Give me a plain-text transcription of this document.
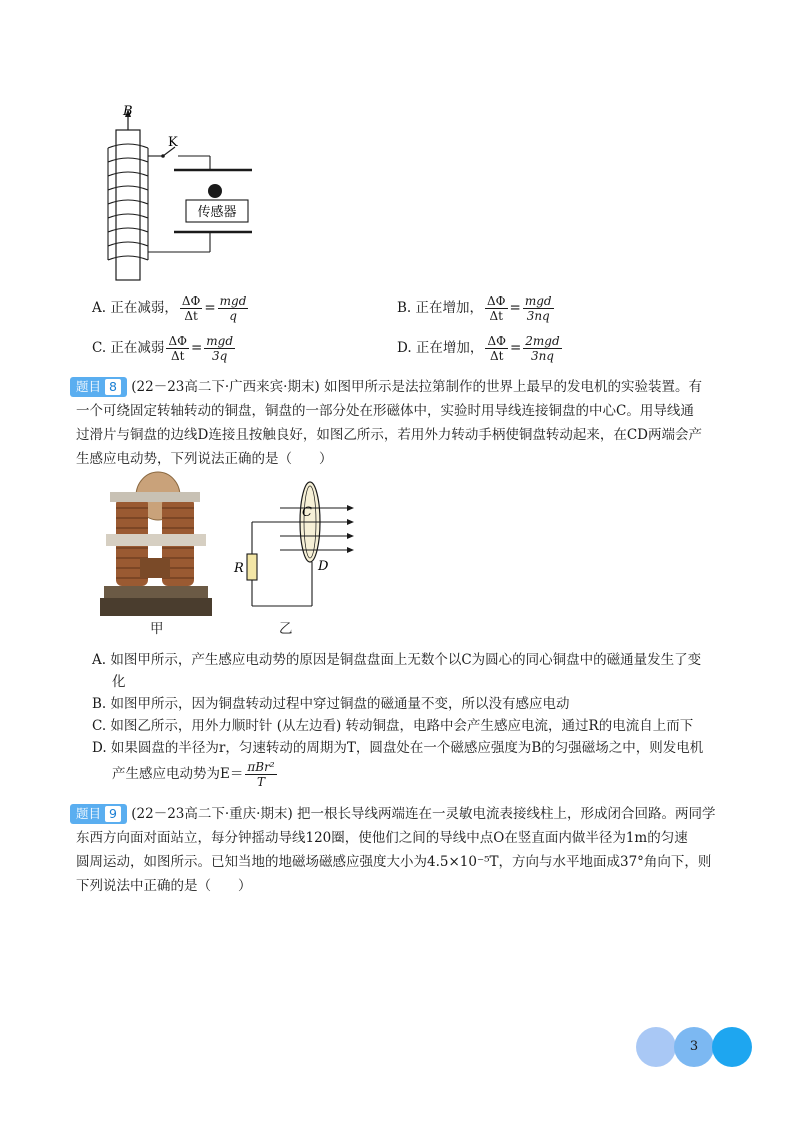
B
K
传感器
A. 正在减弱， $\frac{\Delta\Phi}{\Delta t} = \frac{\text{mgd}}{q}$	B. 正在增加， $\frac{\Delta\Phi}{\Delta t} = \frac{\text{mgd}}{3nq}$
C. 正在减弱 $\frac{\Delta\Phi}{\Delta t} = \frac{\text{mgd}}{3q}$	D. 正在增加， $\frac{\Delta\Phi}{\Delta t} = \frac{\text{2mgd}}{3nq}$
题目 8 (22－23高二下·广西来宾·期末) 如图甲所示是法拉第制作的世界上最早的发电机的实验装置。有
一个可绕固定转轴转动的铜盘，铜盘的一部分处在形磁体中，实验时用导线连接铜盘的中心C。用导线通
过滑片与铜盘的边线D连接且按触良好，如图乙所示，若用外力转动手柄使铜盘转动起来，在CD两端会产
生感应电动势，下列说法正确的是（　　）
R
C
D
甲	乙
A. 如图甲所示，产生感应电动势的原因是铜盘盘面上无数个以C为圆心的同心铜盘中的磁通量发生了变
化
B. 如图甲所示，因为铜盘转动过程中穿过铜盘的磁通量不变，所以没有感应电动
C. 如图乙所示，用外力顺时针 (从左边看) 转动铜盘，电路中会产生感应电流，通过R的电流自上而下
D. 如果圆盘的半径为r，匀速转动的周期为T，圆盘处在一个磁感应强度为B的匀强磁场之中，则发电机
产生感应电动势为$E= \frac{\text{πBr²}}{T}$
题目 9 (22－23高二下·重庆·期末) 把一根长导线两端连在一灵敏电流表接线柱上，形成闭合回路。两同学
东西方向面对面站立，每分钟摇动导线120圈，使他们之间的导线中点O在竖直面内做半径为1m的匀速
圆周运动，如图所示。已知当地的地磁场磁感应强度大小为4.5×10⁻⁵T，方向与水平地面成37°角向下，则
下列说法中正确的是（　　）
3
